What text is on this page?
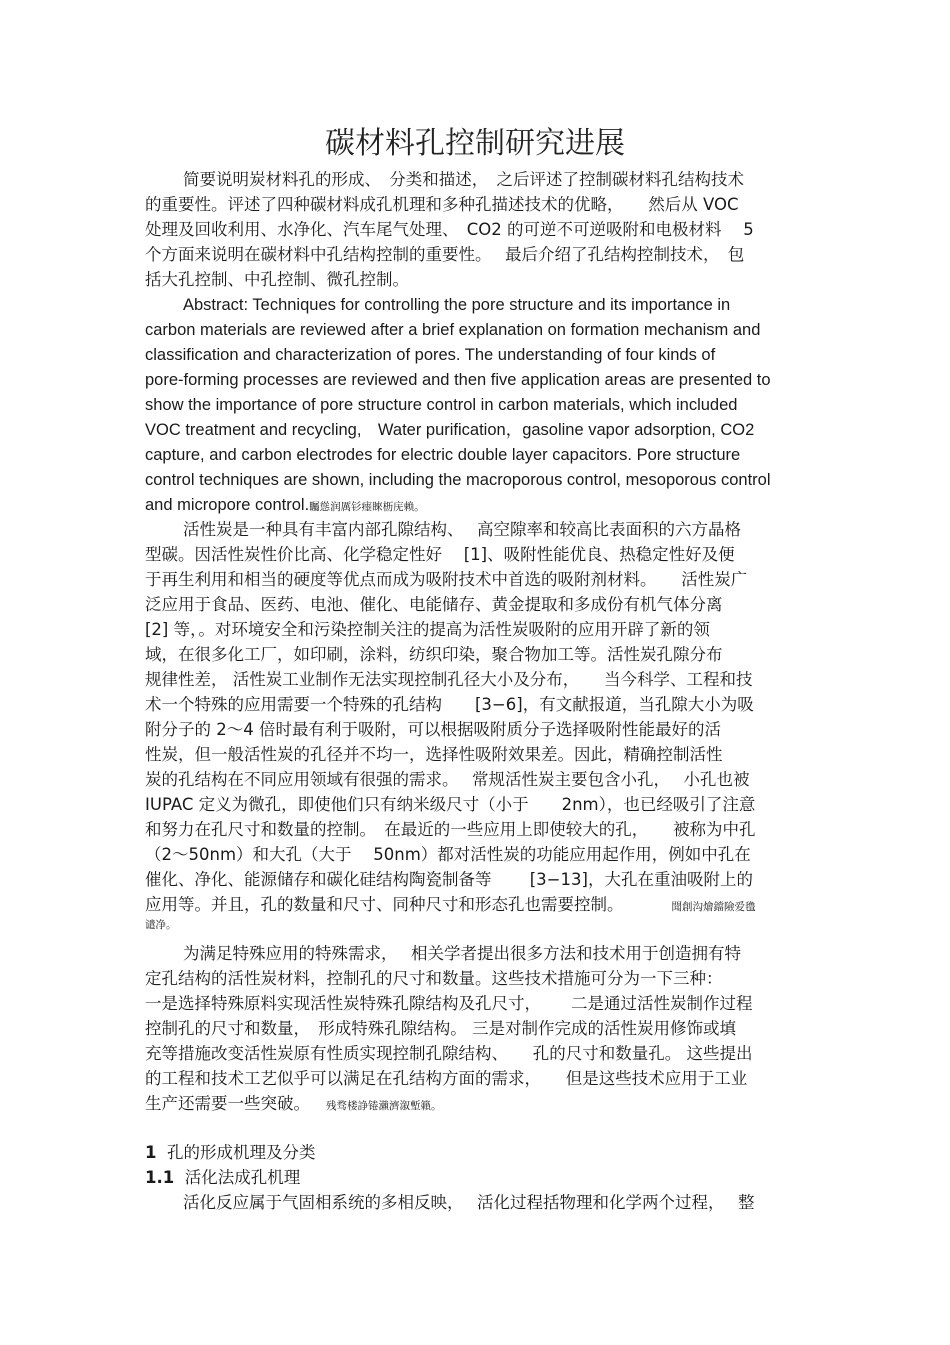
碳材料孔控制研究进展
简要说明炭材料孔的形成、　分类和描述，　之后评述了控制碳材料孔结构技术
的重要性。评述了四种碳材料成孔机理和多种孔描述技术的优略，　　然后从 VOC
处理及回收利用、水净化、汽车尾气处理、　CO2 的可逆不可逆吸附和电极材料　 5
个方面来说明在碳材料中孔结构控制的重要性。　 最后介绍了孔结构控制技术，　包
括大孔控制、中孔控制、微孔控制。
Abstract: Techniques for controlling the pore structure and its importance in
carbon materials are reviewed after a brief explanation on formation mechanism and
classification and characterization of pores. The understanding of four kinds of
pore-forming processes are reviewed and then five application areas are presented to
show the importance of pore structure control in carbon materials, which included
VOC treatment and recycling,　Water purification，gasoline vapor adsorption, CO2
capture, and carbon electrodes for electric double layer capacitors. Pore structure
control techniques are shown, including the macroporous control, mesoporous control
and micropore control.矚慫润厲钐瘗睞枥庑赖。
活性炭是一种具有丰富内部孔隙结构、　 高空隙率和较高比表面积的六方晶格
型碳。因活性炭性价比高、化学稳定性好　 [1]、吸附性能优良、热稳定性好及便
于再生利用和相当的硬度等优点而成为吸附技术中首选的吸附剂材料。　　活性炭广
泛应用于食品、医药、电池、催化、电能储存、黄金提取和多成份有机气体分离
[2] 等，。对环境安全和污染控制关注的提高为活性炭吸附的应用开辟了新的领
域，在很多化工厂，如印刷，涂料，纺织印染，聚合物加工等。活性炭孔隙分布
规律性差， 活性炭工业制作无法实现控制孔径大小及分布，　　当今科学、工程和技
术一个特殊的应用需要一个特殊的孔结构　　[3−6]，有文献报道，当孔隙大小为吸
附分子的 2～4 倍时最有利于吸附，可以根据吸附质分子选择吸附性能最好的活
性炭，但一般活性炭的孔径并不均一，选择性吸附效果差。因此，精确控制活性
炭的孔结构在不同应用领域有很强的需求。　 常规活性炭主要包含小孔，　 小孔也被
IUPAC 定义为微孔，即使他们只有纳米级尺寸（小于　　2nm），也已经吸引了注意
和努力在孔尺寸和数量的控制。　在最近的一些应用上即使较大的孔，　　被称为中孔
（2～50nm）和大孔（大于　 50nm）都对活性炭的功能应用起作用，例如中孔在
催化、净化、能源储存和碳化硅结构陶瓷制备等　　 [3−13]，大孔在重油吸附上的
应用等。并且，孔的数量和尺寸、同种尺寸和形态孔也需要控制。	聞創沟燴鐺險爱氇
谴净。
为满足特殊应用的特殊需求，　 相关学者提出很多方法和技术用于创造拥有特
定孔结构的活性炭材料，控制孔的尺寸和数量。这些技术措施可分为一下三种：
一是选择特殊原料实现活性炭特殊孔隙结构及孔尺寸，　　 二是通过活性炭制作过程
控制孔的尺寸和数量，　形成特殊孔隙结构。 三是对制作完成的活性炭用修饰或填
充等措施改变活性炭原有性质实现控制孔隙结构、　　孔的尺寸和数量孔。 这些提出
的工程和技术工艺似乎可以满足在孔结构方面的需求，　　但是这些技术应用于工业
生产还需要一些突破。 残骛楼諍锩瀨濟溆塹籟。
1 孔的形成机理及分类
1.1 活化法成孔机理
活化反应属于气固相系统的多相反映，　 活化过程括物理和化学两个过程，　 整
